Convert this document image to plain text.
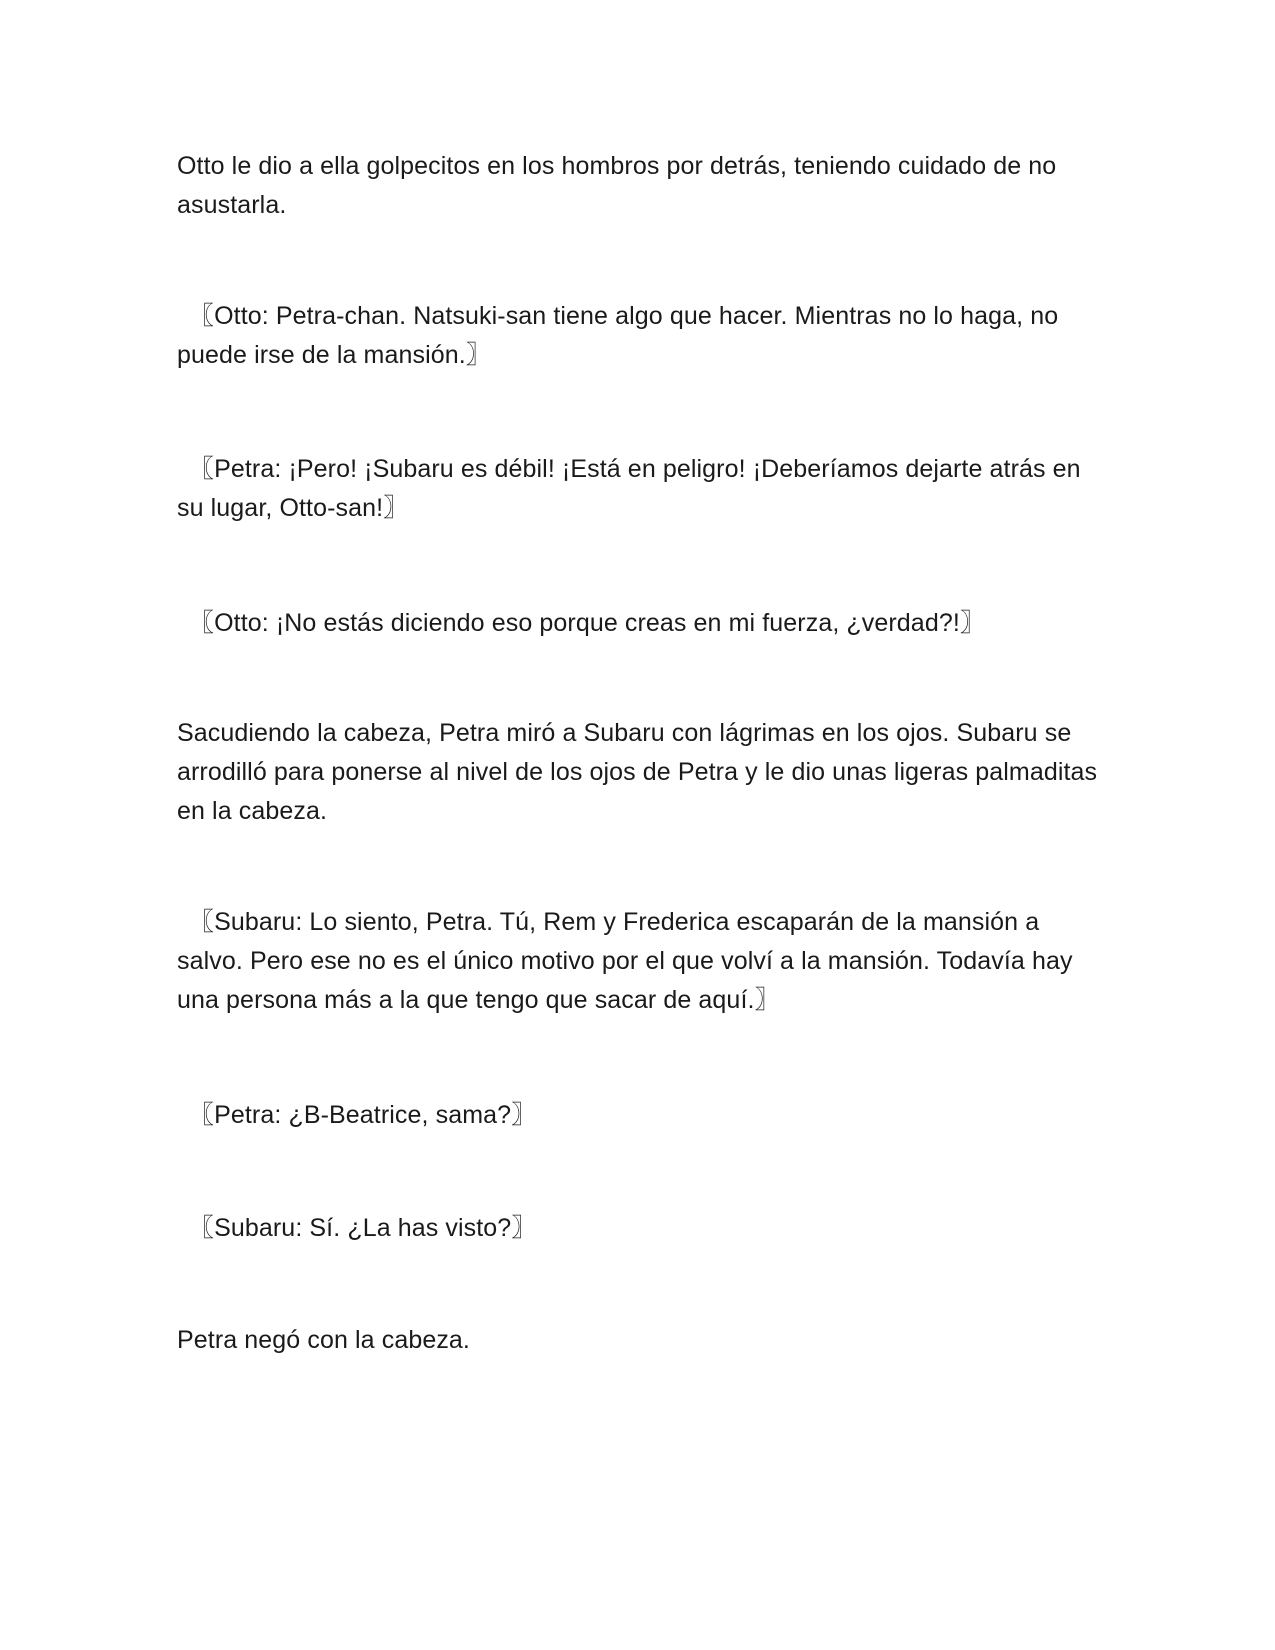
Otto le dio a ella golpecitos en los hombros por detrás, teniendo cuidado de no asustarla.

〖Otto: Petra-chan. Natsuki-san tiene algo que hacer. Mientras no lo haga, no puede irse de la mansión.〗

〖Petra: ¡Pero! ¡Subaru es débil! ¡Está en peligro! ¡Deberíamos dejarte atrás en su lugar, Otto-san!〗

〖Otto: ¡No estás diciendo eso porque creas en mi fuerza, ¿verdad?!〗

Sacudiendo la cabeza, Petra miró a Subaru con lágrimas en los ojos. Subaru se arrodilló para ponerse al nivel de los ojos de Petra y le dio unas ligeras palmaditas en la cabeza.

〖Subaru: Lo siento, Petra. Tú, Rem y Frederica escaparán de la mansión a salvo. Pero ese no es el único motivo por el que volví a la mansión. Todavía hay una persona más a la que tengo que sacar de aquí.〗

〖Petra: ¿B-Beatrice, sama?〗

〖Subaru: Sí. ¿La has visto?〗

Petra negó con la cabeza.
